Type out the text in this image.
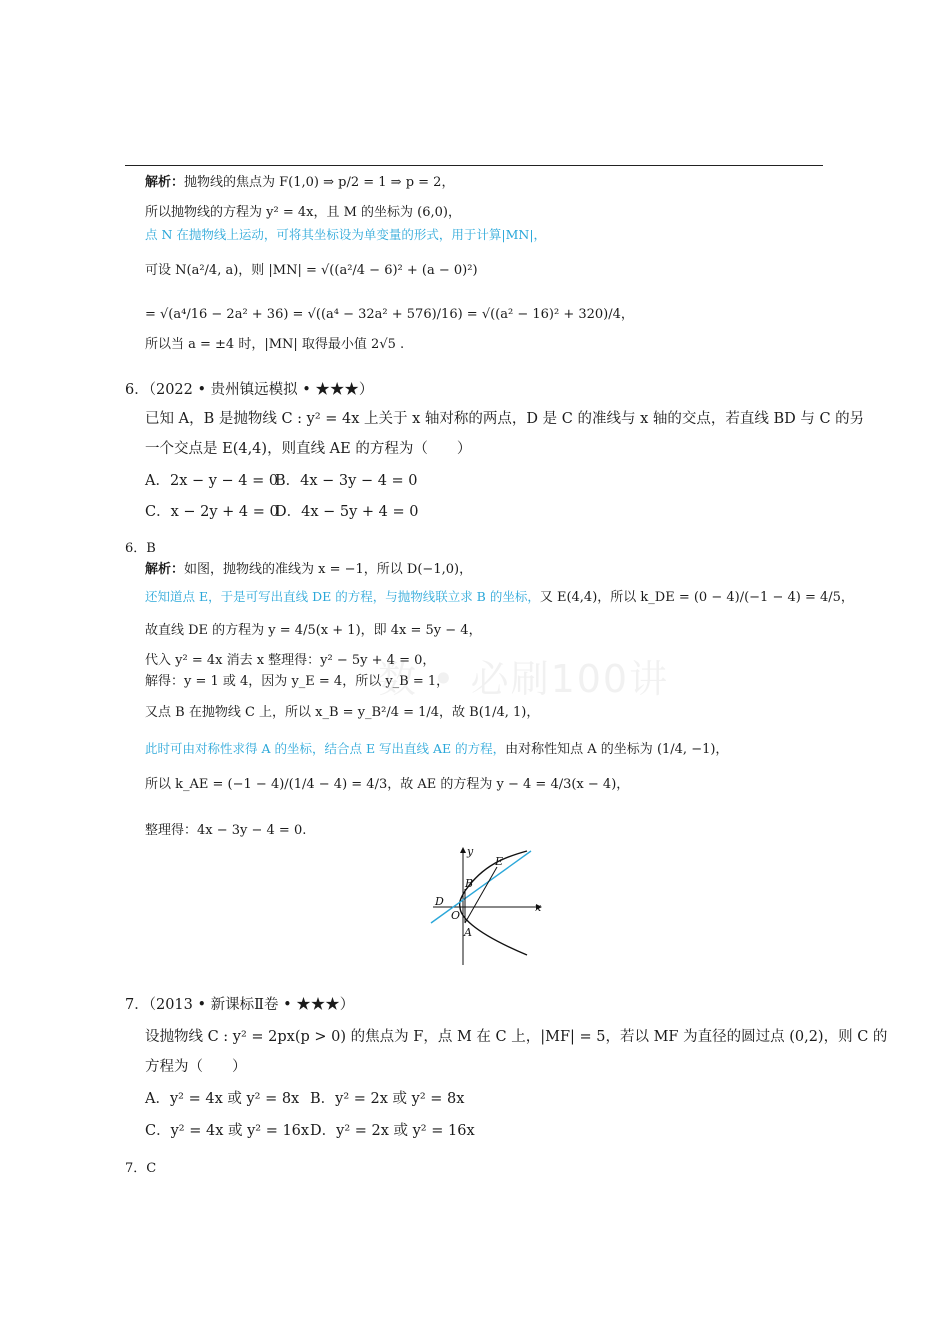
数 • 必刷100讲
解析：抛物线的焦点为 F(1,0) ⇒ p/2 = 1 ⇒ p = 2，
所以抛物线的方程为 y² = 4x，且 M 的坐标为 (6,0)，
点 N 在抛物线上运动，可将其坐标设为单变量的形式，用于计算|MN|，
可设 N(a²/4, a)，则 |MN| = √((a²/4 − 6)² + (a − 0)²)
= √(a⁴/16 − 2a² + 36) = √((a⁴ − 32a² + 576)/16) = √((a² − 16)² + 320)/4，
所以当 a = ±4 时，|MN| 取得最小值 2√5 .
6．（2022 • 贵州镇远模拟 • ★★★）
已知 A，B 是抛物线 C : y² = 4x 上关于 x 轴对称的两点，D 是 C 的准线与 x 轴的交点，若直线 BD 与 C 的另
一个交点是 E(4,4)，则直线 AE 的方程为（　　）
A．2x − y − 4 = 0
B．4x − 3y − 4 = 0
C．x − 2y + 4 = 0
D．4x − 5y + 4 = 0
6．B
解析：如图，抛物线的准线为 x = −1，所以 D(−1,0)，
还知道点 E，于是可写出直线 DE 的方程，与抛物线联立求 B 的坐标，又 E(4,4)，所以 k_DE = (0 − 4)/(−1 − 4) = 4/5，
故直线 DE 的方程为 y = 4/5(x + 1)，即 4x = 5y − 4，
代入 y² = 4x 消去 x 整理得：y² − 5y + 4 = 0，
解得：y = 1 或 4，因为 y_E = 4，所以 y_B = 1，
又点 B 在抛物线 C 上，所以 x_B = y_B²/4 = 1/4，故 B(1/4, 1)，
此时可由对称性求得 A 的坐标，结合点 E 写出直线 AE 的方程，由对称性知点 A 的坐标为 (1/4, −1)，
所以 k_AE = (−1 − 4)/(1/4 − 4) = 4/3，故 AE 的方程为 y − 4 = 4/3(x − 4)，
整理得：4x − 3y − 4 = 0.
y
x
E
B
D
O
A
7．（2013 • 新课标Ⅱ卷 • ★★★）
设抛物线 C : y² = 2px(p > 0) 的焦点为 F，点 M 在 C 上，|MF| = 5，若以 MF 为直径的圆过点 (0,2)，则 C 的
方程为（　　）
A．y² = 4x 或 y² = 8x B．y² = 2x 或 y² = 8x
C．y² = 4x 或 y² = 16x D．y² = 2x 或 y² = 16x
7．C
